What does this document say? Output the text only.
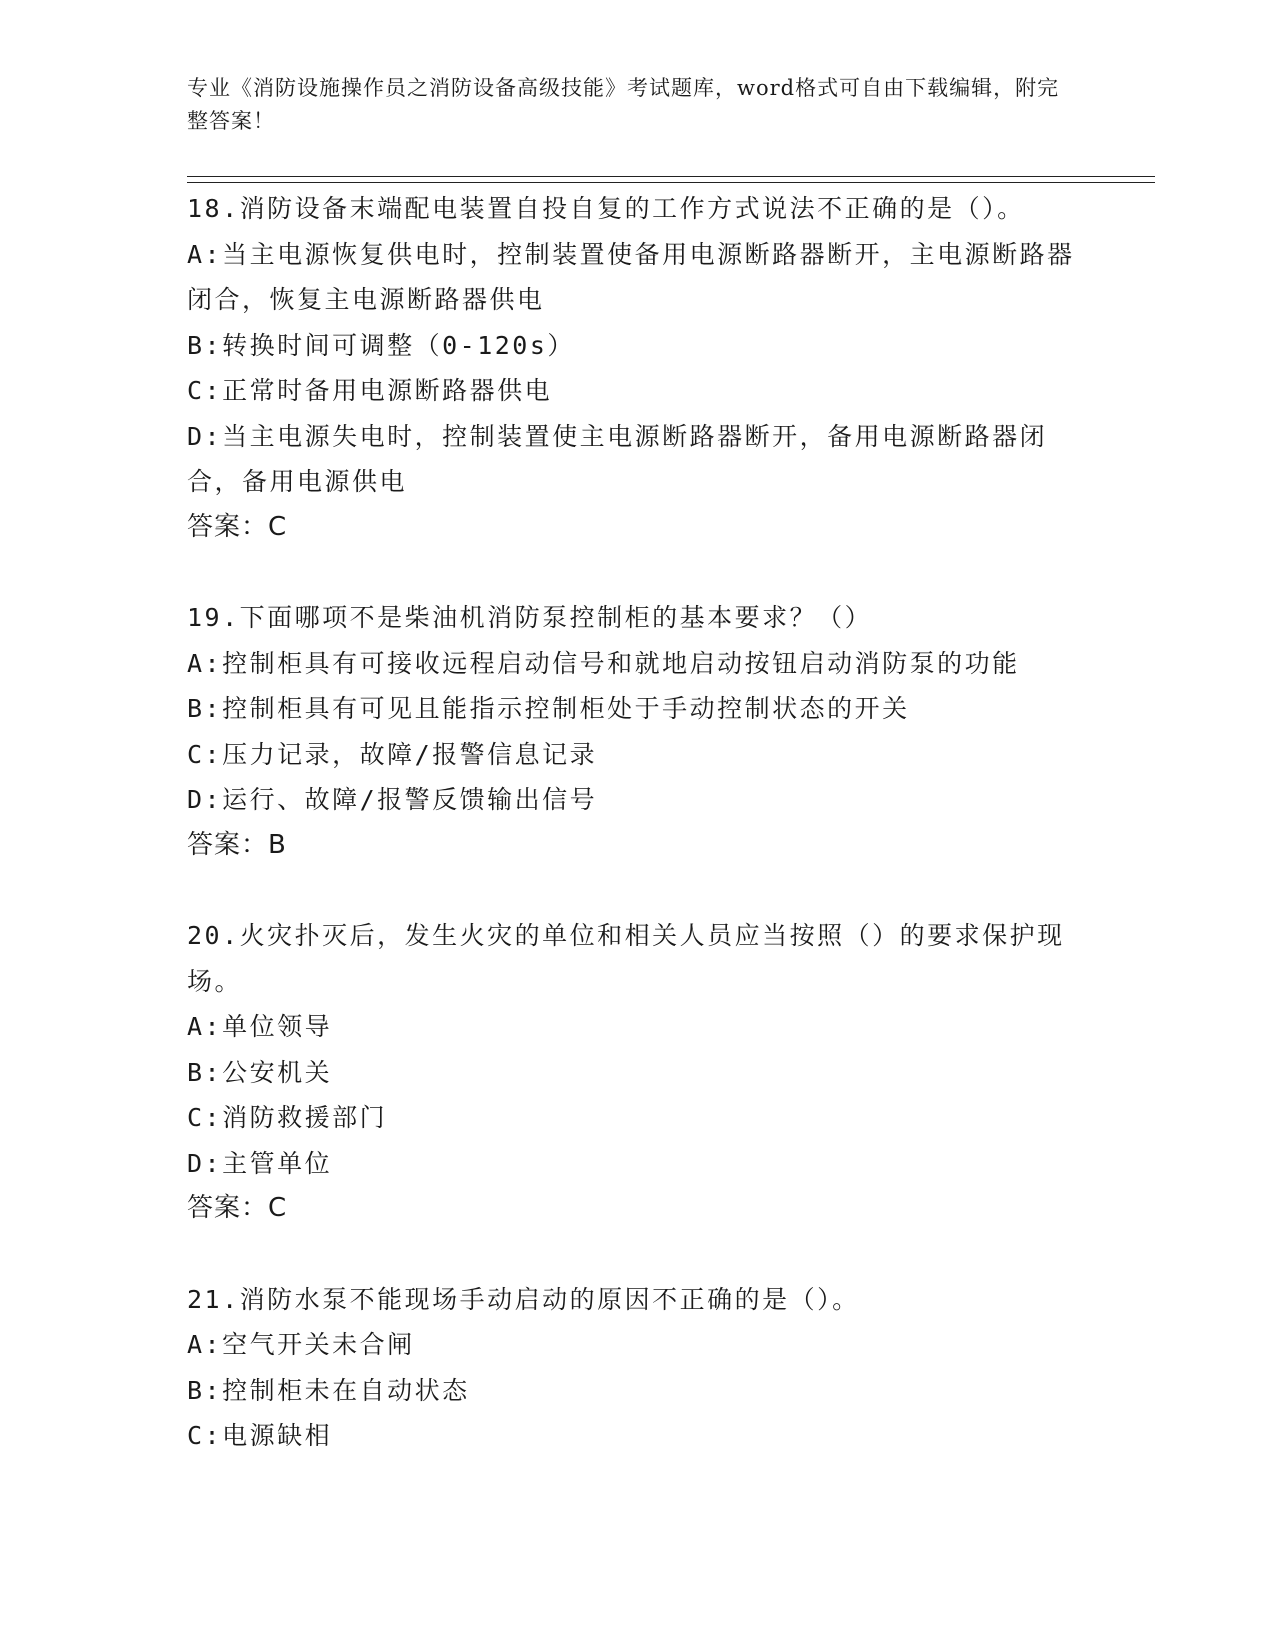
专业《消防设施操作员之消防设备高级技能》考试题库，word格式可自由下载编辑，附完整答案！
18.消防设备末端配电装置自投自复的工作方式说法不正确的是（）。
A:当主电源恢复供电时，控制装置使备用电源断路器断开，主电源断路器闭合，恢复主电源断路器供电
B:转换时间可调整（0-120s）
C:正常时备用电源断路器供电
D:当主电源失电时，控制装置使主电源断路器断开，备用电源断路器闭合，备用电源供电
答案：C
19.下面哪项不是柴油机消防泵控制柜的基本要求？（）
A:控制柜具有可接收远程启动信号和就地启动按钮启动消防泵的功能
B:控制柜具有可见且能指示控制柜处于手动控制状态的开关
C:压力记录，故障/报警信息记录
D:运行、故障/报警反馈输出信号
答案：B
20.火灾扑灭后，发生火灾的单位和相关人员应当按照（）的要求保护现场。
A:单位领导
B:公安机关
C:消防救援部门
D:主管单位
答案：C
21.消防水泵不能现场手动启动的原因不正确的是（）。
A:空气开关未合闸
B:控制柜未在自动状态
C:电源缺相
